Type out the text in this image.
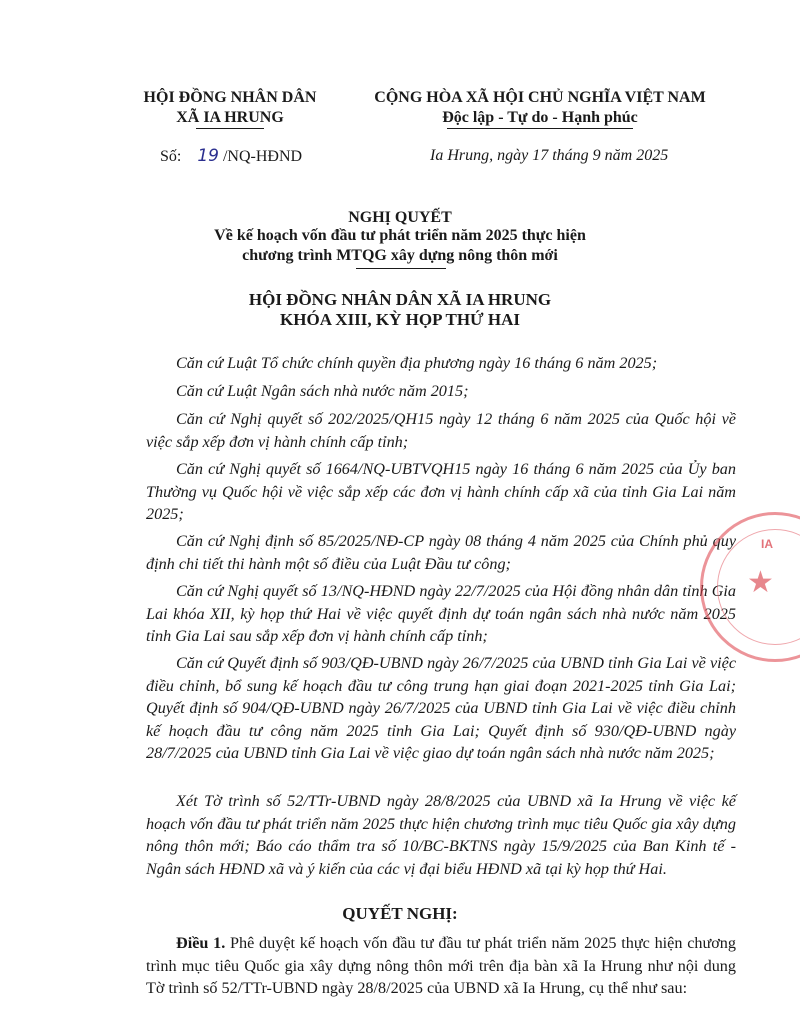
HỘI ĐỒNG NHÂN DÂN
XÃ IA HRUNG
CỘNG HÒA XÃ HỘI CHỦ NGHĨA VIỆT NAM
Độc lập - Tự do - Hạnh phúc
Số: 19 /NQ-HĐND	Ia Hrung, ngày 17 tháng 9 năm 2025
NGHỊ QUYẾT
Về kế hoạch vốn đầu tư phát triển năm 2025 thực hiện
chương trình MTQG xây dựng nông thôn mới
HỘI ĐỒNG NHÂN DÂN XÃ IA HRUNG
KHÓA XIII, KỲ HỌP THỨ HAI
Căn cứ Luật Tổ chức chính quyền địa phương ngày 16 tháng 6 năm 2025;
Căn cứ Luật Ngân sách nhà nước năm 2015;
Căn cứ Nghị quyết số 202/2025/QH15 ngày 12 tháng 6 năm 2025 của Quốc hội về việc sắp xếp đơn vị hành chính cấp tỉnh;
Căn cứ Nghị quyết số 1664/NQ-UBTVQH15 ngày 16 tháng 6 năm 2025 của Ủy ban Thường vụ Quốc hội về việc sắp xếp các đơn vị hành chính cấp xã của tỉnh Gia Lai năm 2025;
Căn cứ Nghị định số 85/2025/NĐ-CP ngày 08 tháng 4 năm 2025 của Chính phủ quy định chi tiết thi hành một số điều của Luật Đầu tư công;
Căn cứ Nghị quyết số 13/NQ-HĐND ngày 22/7/2025 của Hội đồng nhân dân tỉnh Gia Lai khóa XII, kỳ họp thứ Hai về việc quyết định dự toán ngân sách nhà nước năm 2025 tỉnh Gia Lai sau sắp xếp đơn vị hành chính cấp tỉnh;
Căn cứ Quyết định số 903/QĐ-UBND ngày 26/7/2025 của UBND tỉnh Gia Lai về việc điều chỉnh, bổ sung kế hoạch đầu tư công trung hạn giai đoạn 2021-2025 tỉnh Gia Lai; Quyết định số 904/QĐ-UBND ngày 26/7/2025 của UBND tỉnh Gia Lai về việc điều chỉnh kế hoạch đầu tư công năm 2025 tỉnh Gia Lai; Quyết định số 930/QĐ-UBND ngày 28/7/2025 của UBND tỉnh Gia Lai về việc giao dự toán ngân sách nhà nước năm 2025;
Xét Tờ trình số 52/TTr-UBND ngày 28/8/2025 của UBND xã Ia Hrung về việc kế hoạch vốn đầu tư phát triển năm 2025 thực hiện chương trình mục tiêu Quốc gia xây dựng nông thôn mới; Báo cáo thẩm tra số 10/BC-BKTNS ngày 15/9/2025 của Ban Kinh tế - Ngân sách HĐND xã và ý kiến của các vị đại biểu HĐND xã tại kỳ họp thứ Hai.
QUYẾT NGHỊ:
Điều 1. Phê duyệt kế hoạch vốn đầu tư đầu tư phát triển năm 2025 thực hiện chương trình mục tiêu Quốc gia xây dựng nông thôn mới trên địa bàn xã Ia Hrung như nội dung Tờ trình số 52/TTr-UBND ngày 28/8/2025 của UBND xã Ia Hrung, cụ thể như sau:
IA
★
